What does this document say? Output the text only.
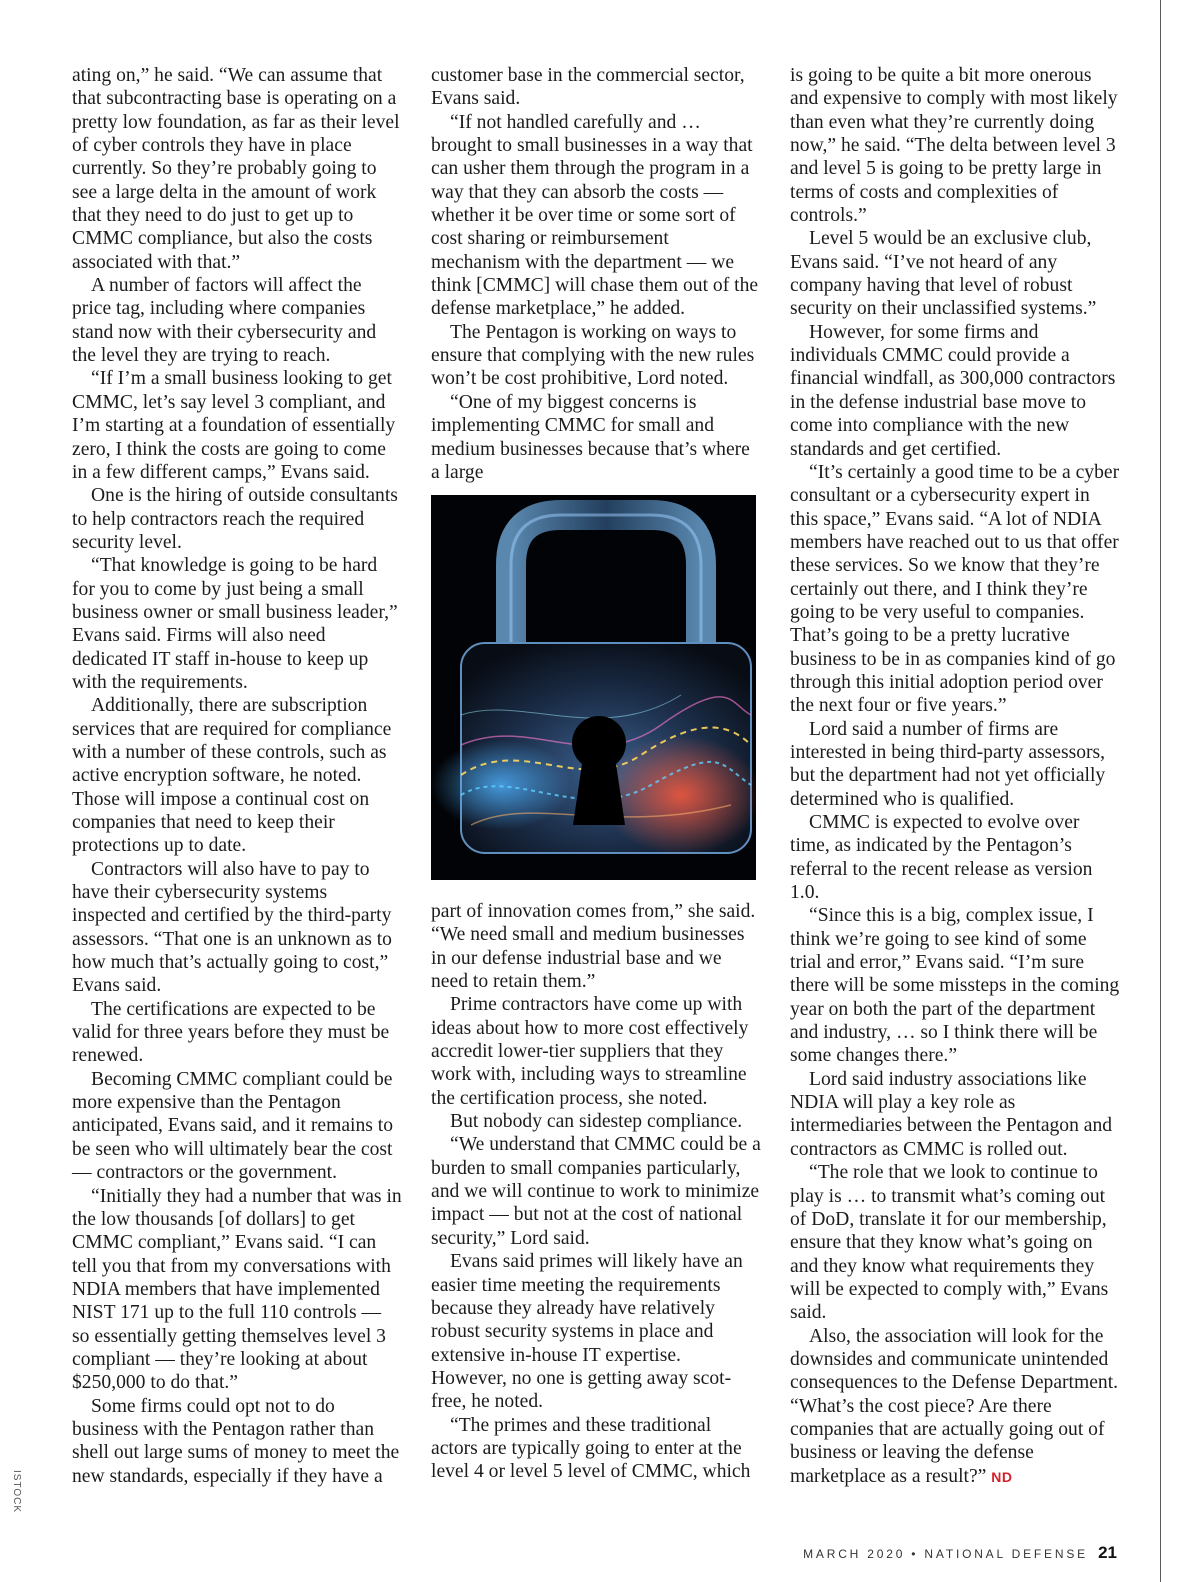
ating on,” he said. “We can assume that that subcontracting base is operating on a pretty low foundation, as far as their level of cyber controls they have in place currently. So they’re probably going to see a large delta in the amount of work that they need to do just to get up to CMMC compliance, but also the costs associated with that.”

A number of factors will affect the price tag, including where companies stand now with their cybersecurity and the level they are trying to reach.

“If I’m a small business looking to get CMMC, let’s say level 3 compliant, and I’m starting at a foundation of essentially zero, I think the costs are going to come in a few different camps,” Evans said.

One is the hiring of outside consultants to help contractors reach the required security level.

“That knowledge is going to be hard for you to come by just being a small business owner or small business leader,” Evans said. Firms will also need dedicated IT staff in-house to keep up with the requirements.

Additionally, there are subscription services that are required for compliance with a number of these controls, such as active encryption software, he noted. Those will impose a continual cost on companies that need to keep their protections up to date.

Contractors will also have to pay to have their cybersecurity systems inspected and certified by the third-party assessors. “That one is an unknown as to how much that’s actually going to cost,” Evans said.

The certifications are expected to be valid for three years before they must be renewed.

Becoming CMMC compliant could be more expensive than the Pentagon anticipated, Evans said, and it remains to be seen who will ultimately bear the cost — contractors or the government.

“Initially they had a number that was in the low thousands [of dollars] to get CMMC compliant,” Evans said. “I can tell you that from my conversations with NDIA members that have implemented NIST 171 up to the full 110 controls — so essentially getting themselves level 3 compliant — they’re looking at about $250,000 to do that.”

Some firms could opt not to do business with the Pentagon rather than shell out large sums of money to meet the new standards, especially if they have a

customer base in the commercial sector, Evans said.

“If not handled carefully and … brought to small businesses in a way that can usher them through the program in a way that they can absorb the costs — whether it be over time or some sort of cost sharing or reimbursement mechanism with the department — we think [CMMC] will chase them out of the defense marketplace,” he added.

The Pentagon is working on ways to ensure that complying with the new rules won’t be cost prohibitive, Lord noted.

“One of my biggest concerns is implementing CMMC for small and medium businesses because that’s where a large

part of innovation comes from,” she said. “We need small and medium businesses in our defense industrial base and we need to retain them.”

Prime contractors have come up with ideas about how to more cost effectively accredit lower-tier suppliers that they work with, including ways to streamline the certification process, she noted.

But nobody can sidestep compliance.

“We understand that CMMC could be a burden to small companies particularly, and we will continue to work to minimize impact — but not at the cost of national security,” Lord said.

Evans said primes will likely have an easier time meeting the requirements because they already have relatively robust security systems in place and extensive in-house IT expertise. However, no one is getting away scot-free, he noted.

“The primes and these traditional actors are typically going to enter at the level 4 or level 5 level of CMMC, which

is going to be quite a bit more onerous and expensive to comply with most likely than even what they’re currently doing now,” he said. “The delta between level 3 and level 5 is going to be pretty large in terms of costs and complexities of controls.”

Level 5 would be an exclusive club, Evans said. “I’ve not heard of any company having that level of robust security on their unclassified systems.”

However, for some firms and individuals CMMC could provide a financial windfall, as 300,000 contractors in the defense industrial base move to come into compliance with the new standards and get certified.

“It’s certainly a good time to be a cyber consultant or a cybersecurity expert in this space,” Evans said. “A lot of NDIA members have reached out to us that offer these services. So we know that they’re certainly out there, and I think they’re going to be very useful to companies. That’s going to be a pretty lucrative business to be in as companies kind of go through this initial adoption period over the next four or five years.”

Lord said a number of firms are interested in being third-party assessors, but the department had not yet officially determined who is qualified.

CMMC is expected to evolve over time, as indicated by the Pentagon’s referral to the recent release as version 1.0.

“Since this is a big, complex issue, I think we’re going to see kind of some trial and error,” Evans said. “I’m sure there will be some missteps in the coming year on both the part of the department and industry, … so I think there will be some changes there.”

Lord said industry associations like NDIA will play a key role as intermediaries between the Pentagon and contractors as CMMC is rolled out.

“The role that we look to continue to play is … to transmit what’s coming out of DoD, translate it for our membership, ensure that they know what’s going on and they know what requirements they will be expected to comply with,” Evans said.

Also, the association will look for the downsides and communicate unintended consequences to the Defense Department. “What’s the cost piece? Are there companies that are actually going out of business or leaving the defense marketplace as a result?” ND

ISTOCK
MARCH 2020 • NATIONAL DEFENSE 21
